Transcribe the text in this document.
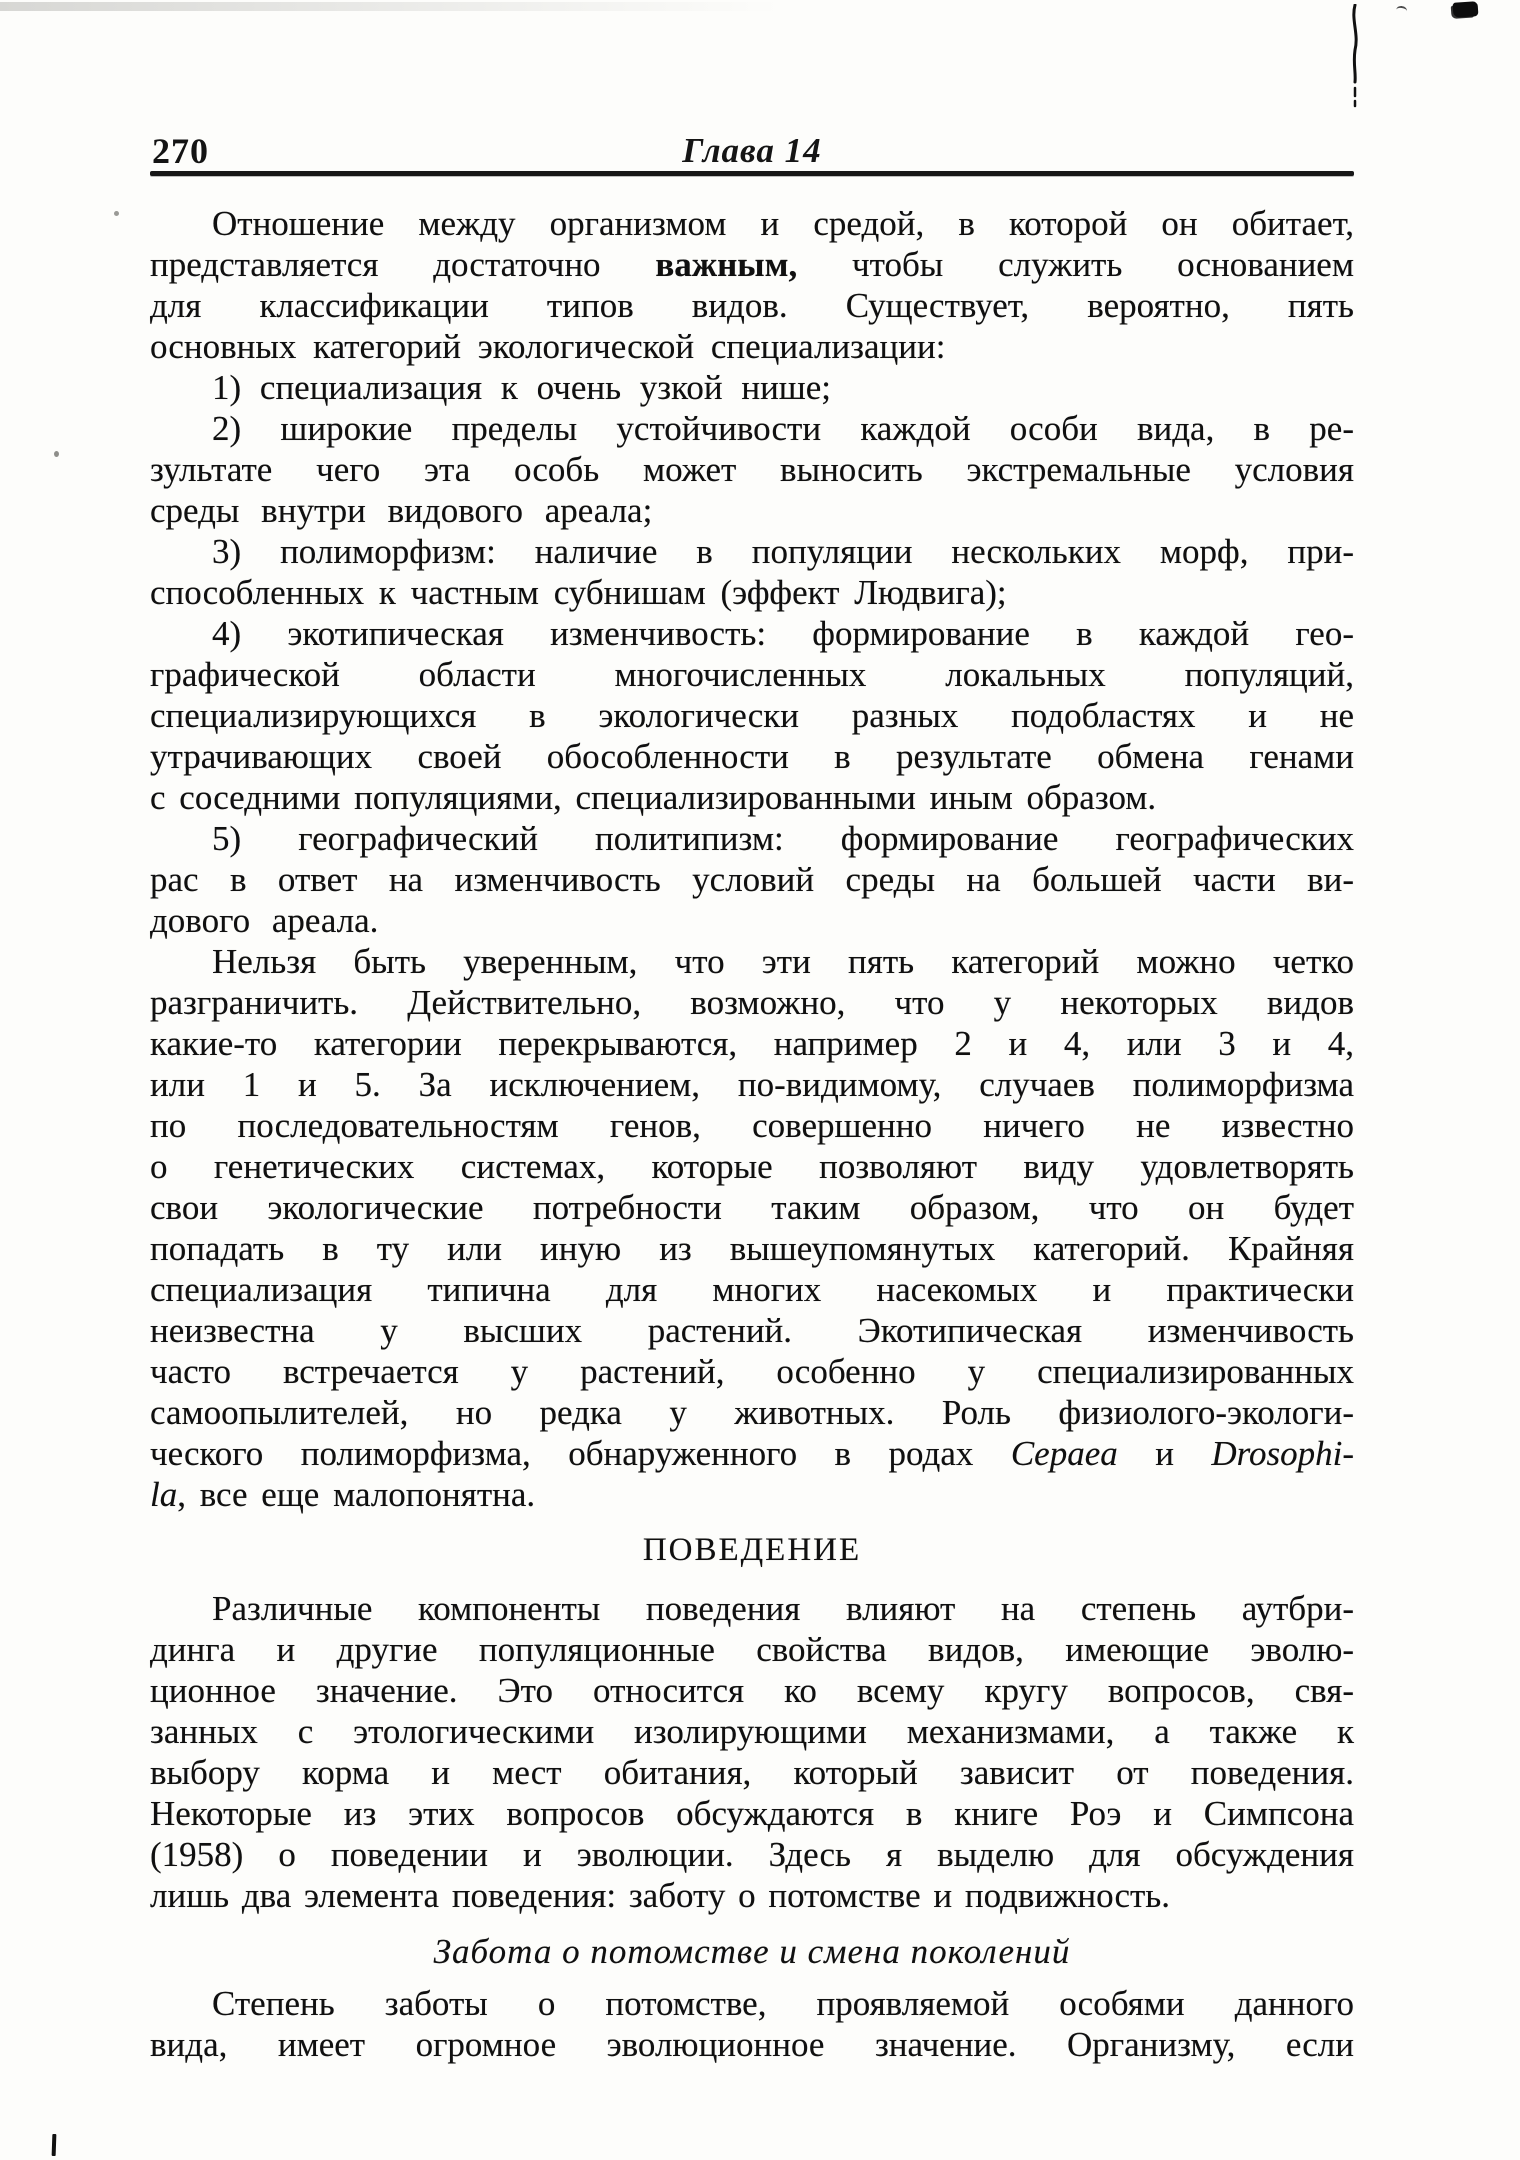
270	Глава 14
Отношение между организмом и средой, в которой он обитает,
представляется достаточно важным, чтобы служить основанием
для классификации типов видов. Существует, вероятно, пять
основных категорий экологической специализации:
1) специализация к очень узкой нише;
2) широкие пределы устойчивости каждой особи вида, в ре-
зультате чего эта особь может выносить экстремальные условия
среды внутри видового ареала;
3) полиморфизм: наличие в популяции нескольких морф, при-
способленных к частным субнишам (эффект Людвига);
4) экотипическая изменчивость: формирование в каждой гео-
графической области многочисленных локальных популяций,
специализирующихся в экологически разных подобластях и не
утрачивающих своей обособленности в результате обмена генами
с соседними популяциями, специализированными иным образом.
5) географический политипизм: формирование географических
рас в ответ на изменчивость условий среды на большей части ви-
дового ареала.
Нельзя быть уверенным, что эти пять категорий можно четко
разграничить. Действительно, возможно, что у некоторых видов
какие-то категории перекрываются, например 2 и 4, или 3 и 4,
или 1 и 5. За исключением, по-видимому, случаев полиморфизма
по последовательностям генов, совершенно ничего не известно
о генетических системах, которые позволяют виду удовлетворять
свои экологические потребности таким образом, что он будет
попадать в ту или иную из вышеупомянутых категорий. Крайняя
специализация типична для многих насекомых и практически
неизвестна у высших растений. Экотипическая изменчивость
часто встречается у растений, особенно у специализированных
самоопылителей, но редка у животных. Роль физиолого-экологи-
ческого полиморфизма, обнаруженного в родах Cepaea и Drosophi-
la, все еще малопонятна.
ПОВЕДЕНИЕ
Различные компоненты поведения влияют на степень аутбри-
динга и другие популяционные свойства видов, имеющие эволю-
ционное значение. Это относится ко всему кругу вопросов, свя-
занных с этологическими изолирующими механизмами, а также к
выбору корма и мест обитания, который зависит от поведения.
Некоторые из этих вопросов обсуждаются в книге Роэ и Симпсона
(1958) о поведении и эволюции. Здесь я выделю для обсуждения
лишь два элемента поведения: заботу о потомстве и подвижность.
Забота о потомстве и смена поколений
Степень заботы о потомстве, проявляемой особями данного
вида, имеет огромное эволюционное значение. Организму, если
